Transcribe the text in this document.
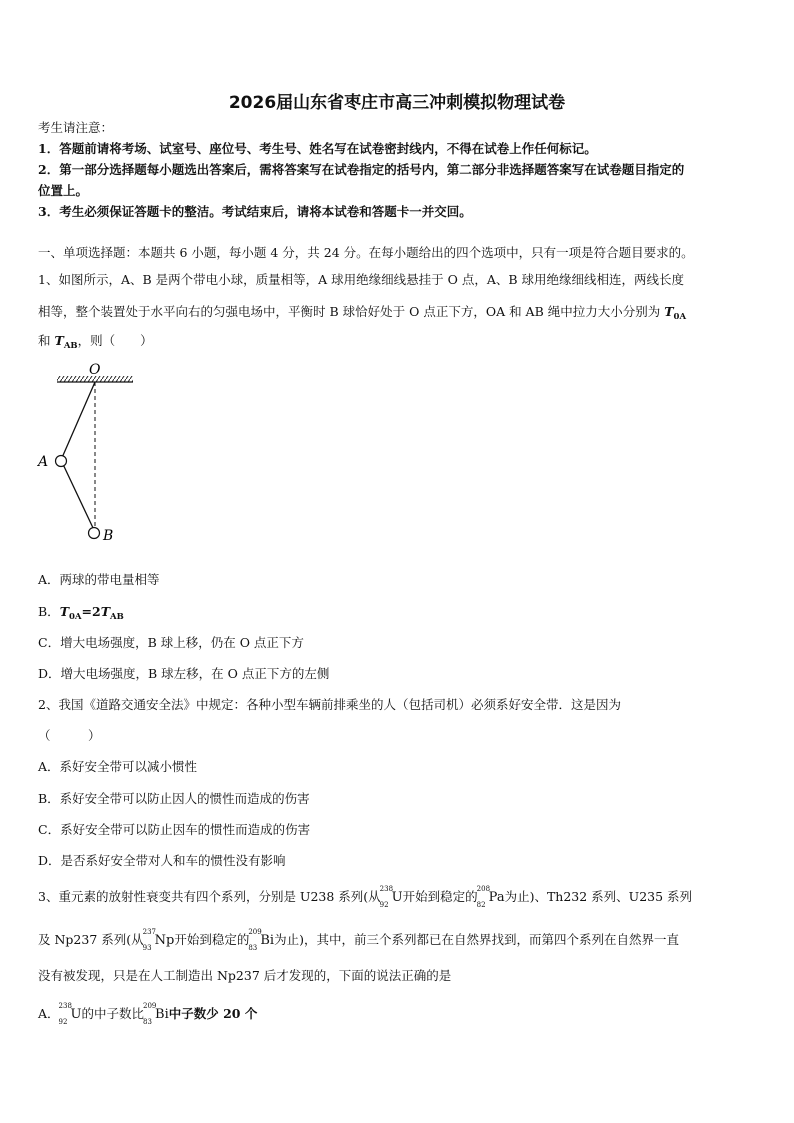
2026届山东省枣庄市高三冲刺模拟物理试卷
考生请注意：
1．答题前请将考场、试室号、座位号、考生号、姓名写在试卷密封线内，不得在试卷上作任何标记。
2．第一部分选择题每小题选出答案后，需将答案写在试卷指定的括号内，第二部分非选择题答案写在试卷题目指定的
位置上。
3．考生必须保证答题卡的整洁。考试结束后，请将本试卷和答题卡一并交回。
一、单项选择题：本题共 6 小题，每小题 4 分，共 24 分。在每小题给出的四个选项中，只有一项是符合题目要求的。
1、如图所示，A、B 是两个带电小球，质量相等，A 球用绝缘细线悬挂于 O 点，A、B 球用绝缘细线相连，两线长度
相等，整个装置处于水平向右的匀强电场中，平衡时 B 球恰好处于 O 点正下方，OA 和 AB 绳中拉力大小分别为 $T_{0A}$
和 $T_{AB}$，则（　　）
O
A
B
A．两球的带电量相等
B．$T_{0A}=2T_{AB}$
C．增大电场强度，B 球上移，仍在 O 点正下方
D．增大电场强度，B 球左移，在 O 点正下方的左侧
2、我国《道路交通安全法》中规定：各种小型车辆前排乘坐的人（包括司机）必须系好安全带．这是因为
（　　　）
A．系好安全带可以减小惯性
B．系好安全带可以防止因人的惯性而造成的伤害
C．系好安全带可以防止因车的惯性而造成的伤害
D．是否系好安全带对人和车的惯性没有影响
3、重元素的放射性衰变共有四个系列，分别是 U238 系列(从 238
92 U开始到稳定的 208
82 Pa为止)、Th232 系列、U235 系列
及 Np237 系列(从 237
93 Np开始到稳定的 209
83 Bi为止)，其中，前三个系列都已在自然界找到，而第四个系列在自然界一直
没有被发现，只是在人工制造出 Np237 后才发现的，下面的说法正确的是
A． 238
92 U的中子数比 209
83 Bi中子数少 20 个
